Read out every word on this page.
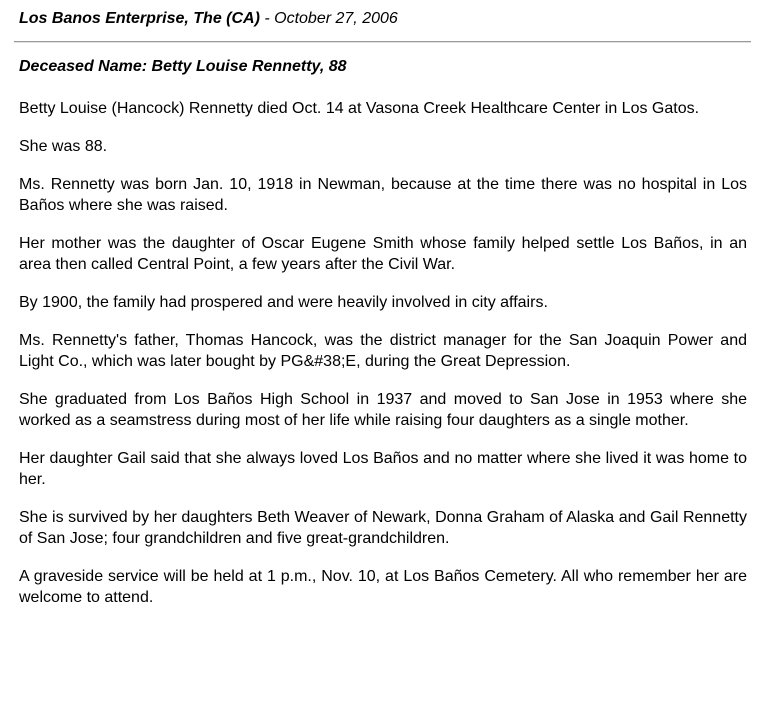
Los Banos Enterprise, The (CA) - October 27, 2006
Deceased Name: Betty Louise Rennetty, 88

Betty Louise (Hancock) Rennetty died Oct. 14 at Vasona Creek Healthcare Center in Los Gatos.

She was 88.

Ms. Rennetty was born Jan. 10, 1918 in Newman, because at the time there was no hospital in Los Baños where she was raised.

Her mother was the daughter of Oscar Eugene Smith whose family helped settle Los Baños, in an area then called Central Point, a few years after the Civil War.

By 1900, the family had prospered and were heavily involved in city affairs.

Ms. Rennetty's father, Thomas Hancock, was the district manager for the San Joaquin Power and Light Co., which was later bought by PG&#38;E, during the Great Depression.

She graduated from Los Baños High School in 1937 and moved to San Jose in 1953 where she worked as a seamstress during most of her life while raising four daughters as a single mother.

Her daughter Gail said that she always loved Los Baños and no matter where she lived it was home to her.

She is survived by her daughters Beth Weaver of Newark, Donna Graham of Alaska and Gail Rennetty of San Jose; four grandchildren and five great-grandchildren.

A graveside service will be held at 1 p.m., Nov. 10, at Los Baños Cemetery. All who remember her are welcome to attend.
